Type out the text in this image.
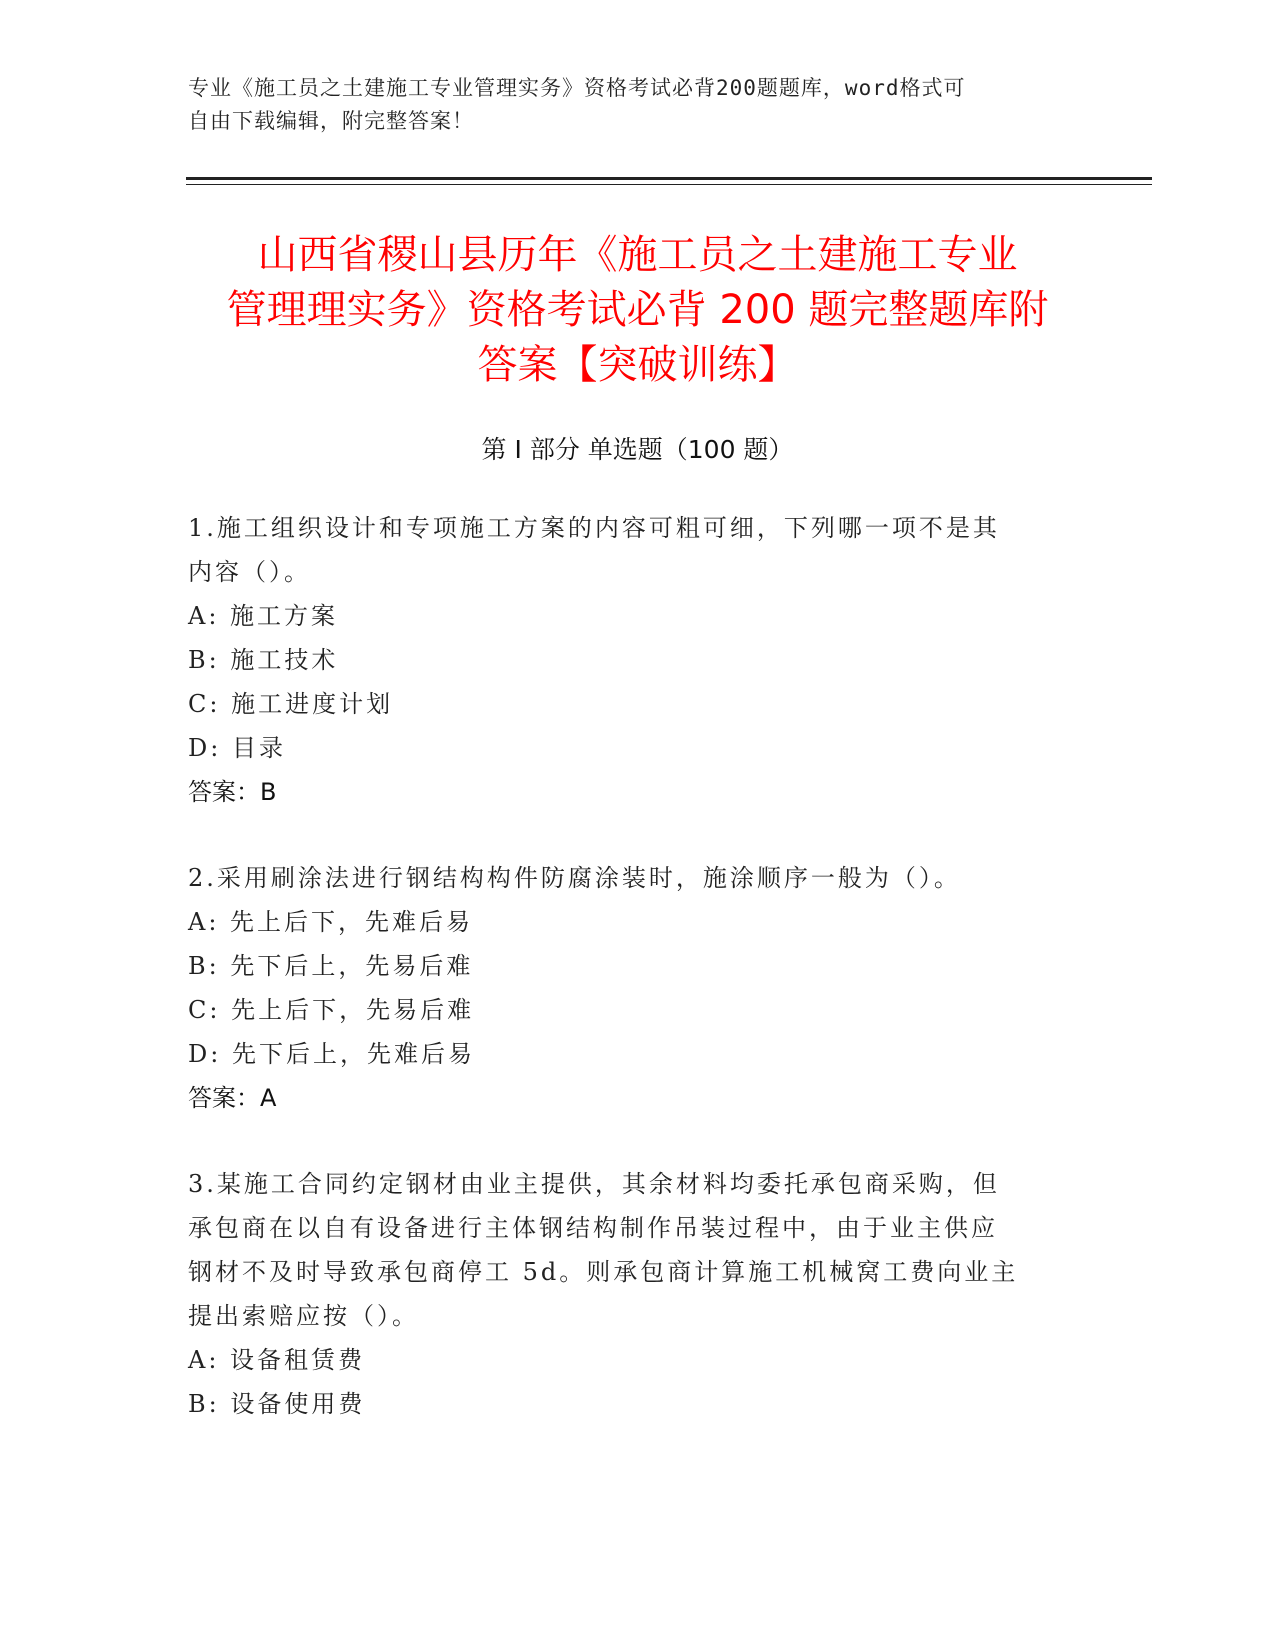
专业《施工员之土建施工专业管理实务》资格考试必背200题题库，word格式可
自由下载编辑，附完整答案！
山西省稷山县历年《施工员之土建施工专业
管理理实务》资格考试必背 200 题完整题库附
答案【突破训练】
第 I 部分 单选题（100 题）
1.施工组织设计和专项施工方案的内容可粗可细，下列哪一项不是其
内容（）。
A: 施工方案
B: 施工技术
C: 施工进度计划
D: 目录
答案：B
2.采用刷涂法进行钢结构构件防腐涂装时，施涂顺序一般为（）。
A: 先上后下，先难后易
B: 先下后上，先易后难
C: 先上后下，先易后难
D: 先下后上，先难后易
答案：A
3.某施工合同约定钢材由业主提供，其余材料均委托承包商采购，但
承包商在以自有设备进行主体钢结构制作吊装过程中，由于业主供应
钢材不及时导致承包商停工 5d。则承包商计算施工机械窝工费向业主
提出索赔应按（）。
A: 设备租赁费
B: 设备使用费
